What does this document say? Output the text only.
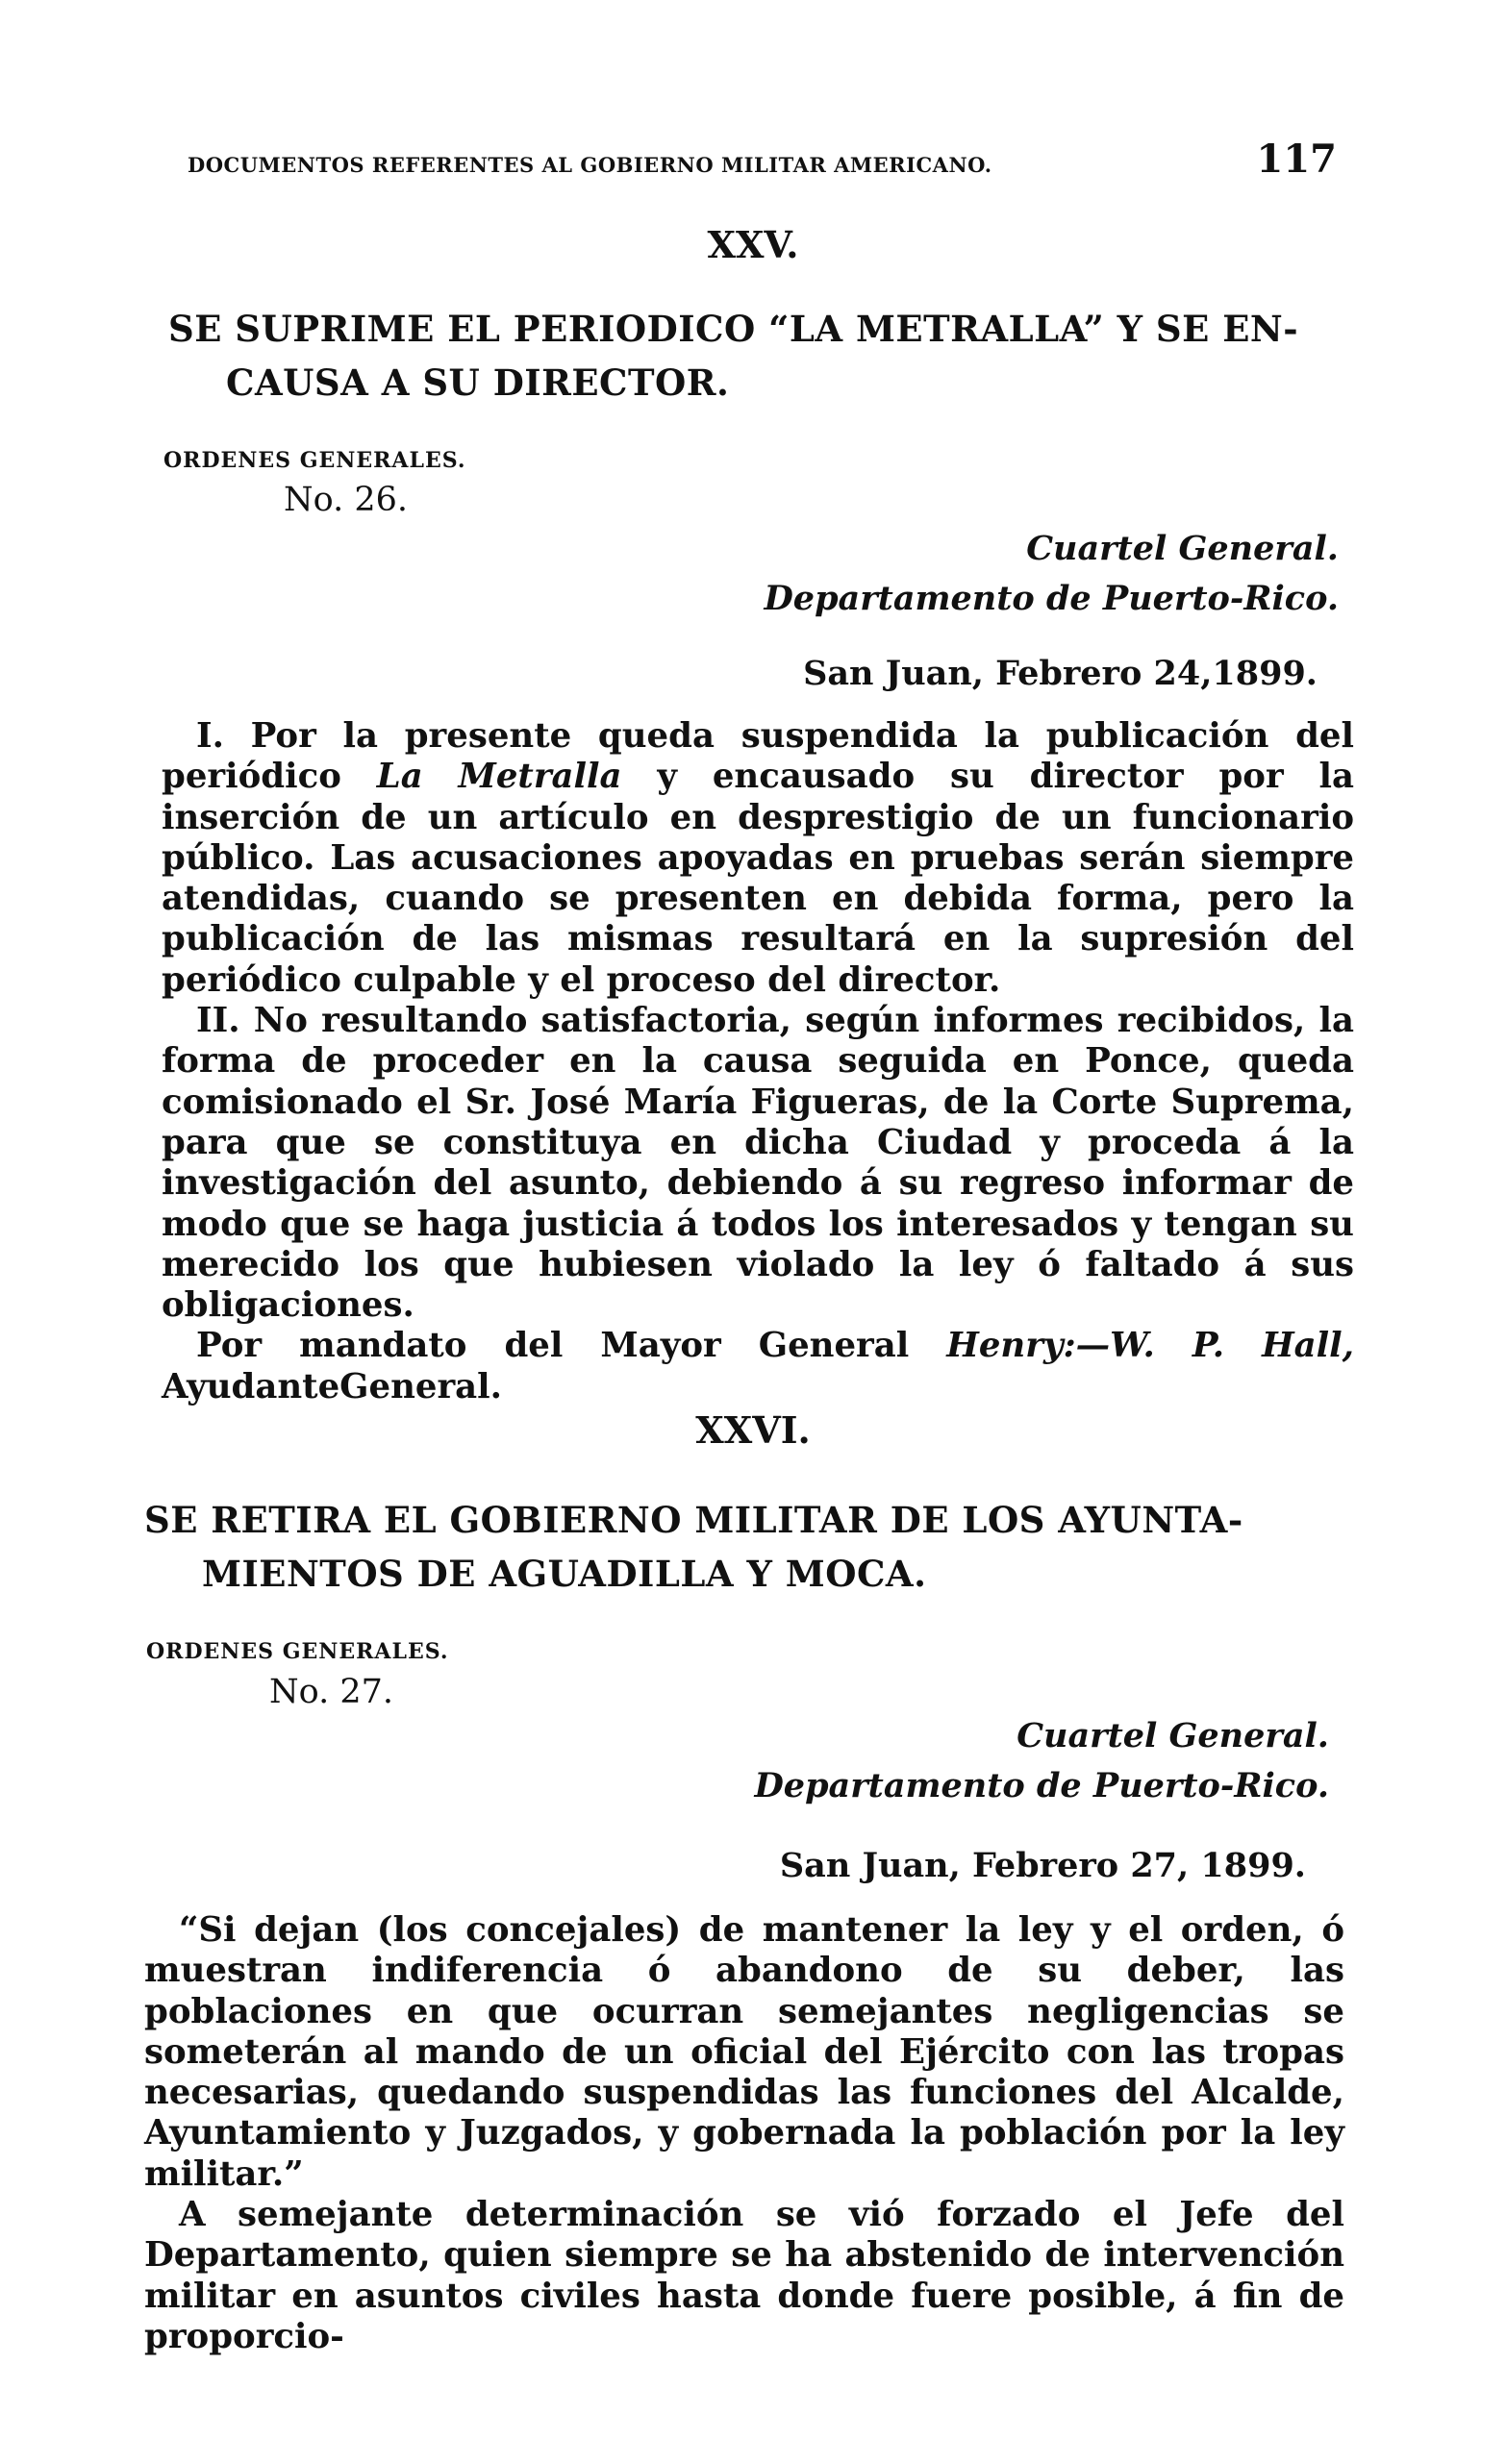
DOCUMENTOS REFERENTES AL GOBIERNO MILITAR AMERICANO.	117
XXV.
SE SUPRIME EL PERIODICO “LA METRALLA” Y SE EN-
CAUSA A SU DIRECTOR.
ORDENES GENERALES.
No. 26.
Cuartel General.
Departamento de Puerto-Rico.
San Juan, Febrero 24,1899.

I. Por la presente queda suspendida la publicación del periódico La Metralla y encausado su director por la inserción de un artículo en desprestigio de un funcionario público. Las acusaciones apoyadas en pruebas serán siempre atendidas, cuando se presenten en debida forma, pero la publicación de las mismas resultará en la supresión del periódico culpable y el proceso del director.

II. No resultando satisfactoria, según informes recibidos, la forma de proceder en la causa seguida en Ponce, queda comisionado el Sr. José María Figueras, de la Corte Suprema, para que se constituya en dicha Ciudad y proceda á la investigación del asunto, debiendo á su regreso informar de modo que se haga justicia á todos los interesados y tengan su merecido los que hubiesen violado la ley ó faltado á sus obligaciones.

Por mandato del Mayor General Henry:—W. P. Hall, AyudanteGeneral.

XXVI.
SE RETIRA EL GOBIERNO MILITAR DE LOS AYUNTA-
MIENTOS DE AGUADILLA Y MOCA.
ORDENES GENERALES.
No. 27.
Cuartel General.
Departamento de Puerto-Rico.
San Juan, Febrero 27, 1899.

“Si dejan (los concejales) de mantener la ley y el orden, ó muestran indiferencia ó abandono de su deber, las poblaciones en que ocurran semejantes negligencias se someterán al mando de un oficial del Ejército con las tropas necesarias, quedando suspendidas las funciones del Alcalde, Ayuntamiento y Juzgados, y gobernada la población por la ley militar.”

A semejante determinación se vió forzado el Jefe del Departamento, quien siempre se ha abstenido de intervención militar en asuntos civiles hasta donde fuere posible, á fin de proporcio-
